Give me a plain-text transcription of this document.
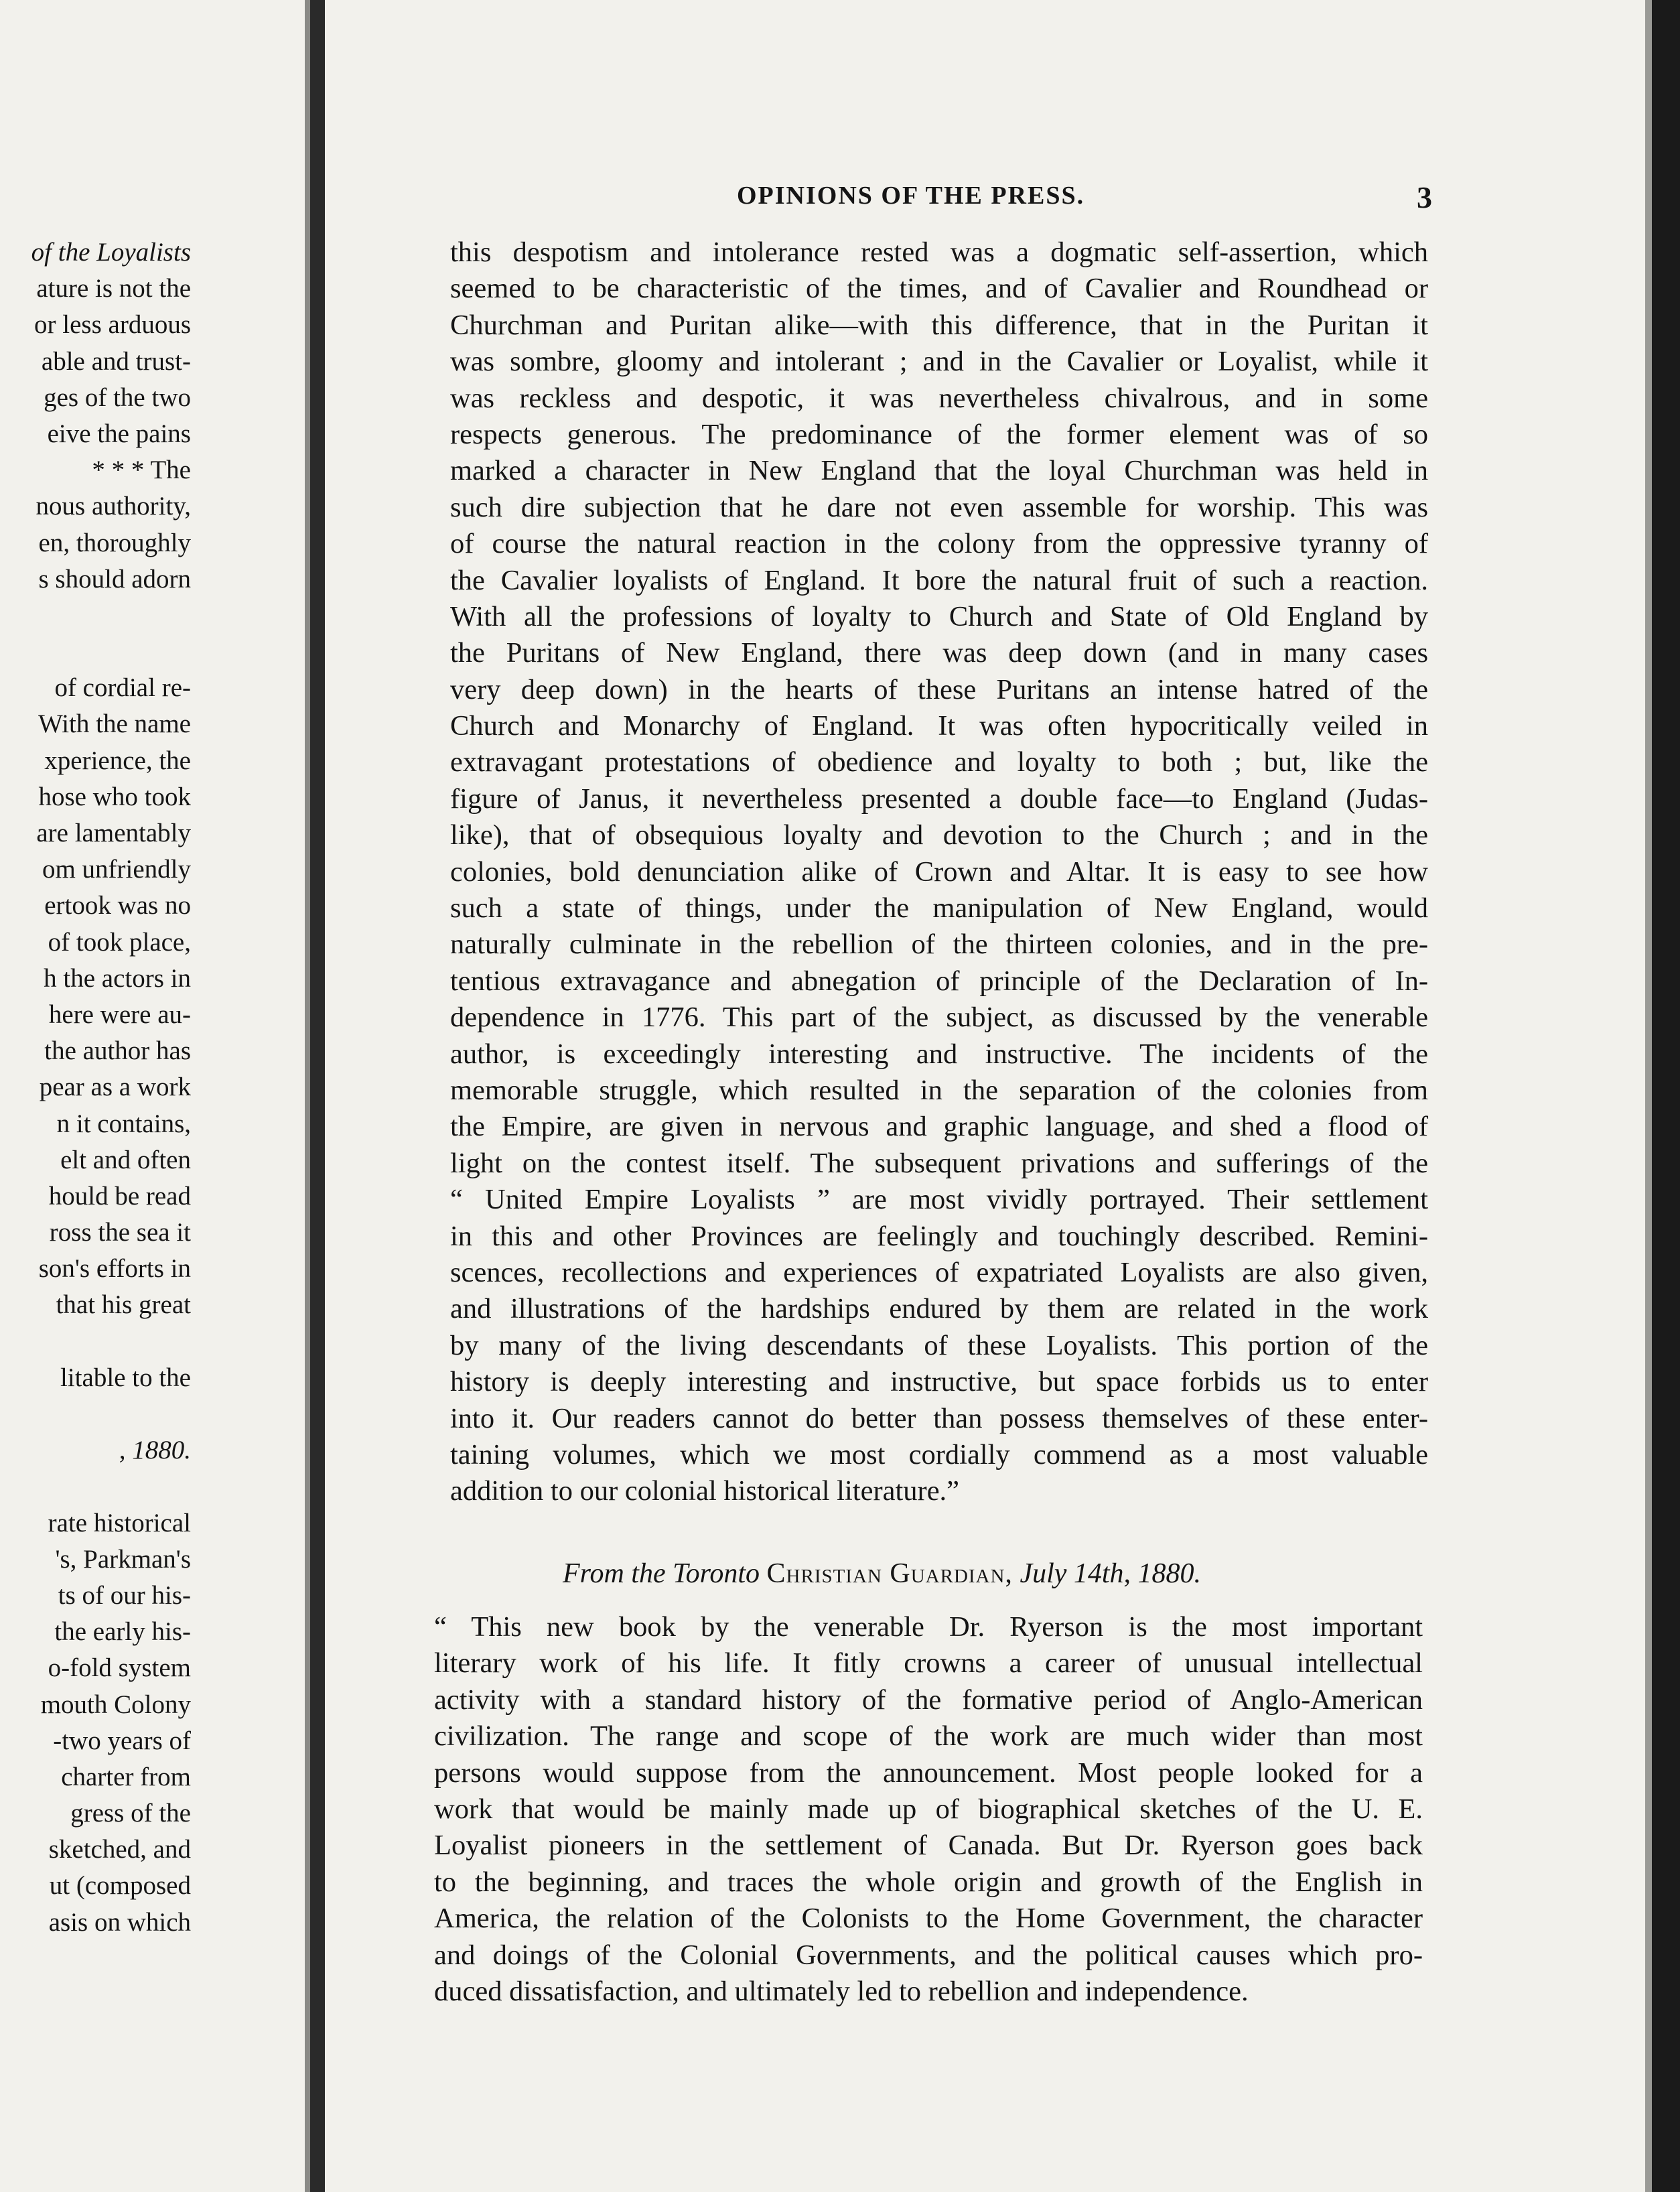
of the Loyalists
ature is not the
or less arduous
able and trust-
ges of the two
eive the pains
* * * The
nous authority,
en, thoroughly
s should adorn
of cordial re-
With the name
xperience, the
hose who took
are lamentably
om unfriendly
ertook was no
of took place,
h the actors in
here were au-
the author has
pear as a work
n it contains,
elt and often
hould be read
ross the sea it
son's efforts in
that his great
litable to the
, 1880.
rate historical
's, Parkman's
ts of our his-
the early his-
o-fold system
mouth Colony
-two years of
charter from
gress of the
sketched, and
ut (composed
asis on which
OPINIONS OF THE PRESS.	3
this despotism and intolerance rested was a dogmatic self-assertion, which
seemed to be characteristic of the times, and of Cavalier and Roundhead or
Churchman and Puritan alike—with this difference, that in the Puritan it
was sombre, gloomy and intolerant ; and in the Cavalier or Loyalist, while it
was reckless and despotic, it was nevertheless chivalrous, and in some
respects generous. The predominance of the former element was of so
marked a character in New England that the loyal Churchman was held in
such dire subjection that he dare not even assemble for worship. This was
of course the natural reaction in the colony from the oppressive tyranny of
the Cavalier loyalists of England. It bore the natural fruit of such a reaction.
With all the professions of loyalty to Church and State of Old England by
the Puritans of New England, there was deep down (and in many cases
very deep down) in the hearts of these Puritans an intense hatred of the
Church and Monarchy of England. It was often hypocritically veiled in
extravagant protestations of obedience and loyalty to both ; but, like the
figure of Janus, it nevertheless presented a double face—to England (Judas-
like), that of obsequious loyalty and devotion to the Church ; and in the
colonies, bold denunciation alike of Crown and Altar. It is easy to see how
such a state of things, under the manipulation of New England, would
naturally culminate in the rebellion of the thirteen colonies, and in the pre-
tentious extravagance and abnegation of principle of the Declaration of In-
dependence in 1776. This part of the subject, as discussed by the venerable
author, is exceedingly interesting and instructive. The incidents of the
memorable struggle, which resulted in the separation of the colonies from
the Empire, are given in nervous and graphic language, and shed a flood of
light on the contest itself. The subsequent privations and sufferings of the
“ United Empire Loyalists ” are most vividly portrayed. Their settlement
in this and other Provinces are feelingly and touchingly described. Remini-
scences, recollections and experiences of expatriated Loyalists are also given,
and illustrations of the hardships endured by them are related in the work
by many of the living descendants of these Loyalists. This portion of the
history is deeply interesting and instructive, but space forbids us to enter
into it. Our readers cannot do better than possess themselves of these enter-
taining volumes, which we most cordially commend as a most valuable
addition to our colonial historical literature.”
From the Toronto Christian Guardian, July 14th, 1880.
“ This new book by the venerable Dr. Ryerson is the most important
literary work of his life. It fitly crowns a career of unusual intellectual
activity with a standard history of the formative period of Anglo-American
civilization. The range and scope of the work are much wider than most
persons would suppose from the announcement. Most people looked for a
work that would be mainly made up of biographical sketches of the U. E.
Loyalist pioneers in the settlement of Canada. But Dr. Ryerson goes back
to the beginning, and traces the whole origin and growth of the English in
America, the relation of the Colonists to the Home Government, the character
and doings of the Colonial Governments, and the political causes which pro-
duced dissatisfaction, and ultimately led to rebellion and independence.
